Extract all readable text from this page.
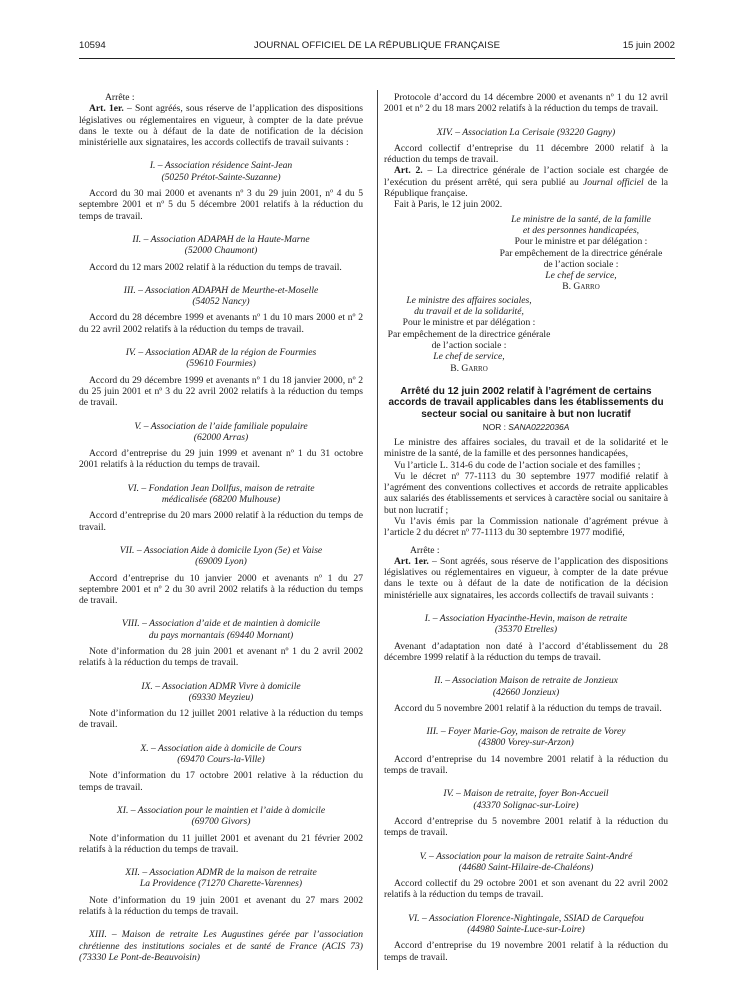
10594	JOURNAL OFFICIEL DE LA RÉPUBLIQUE FRANÇAISE	15 juin 2002

Arrête :

Art. 1er. – Sont agréés, sous réserve de l’application des dispositions législatives ou réglementaires en vigueur, à compter de la date prévue dans le texte ou à défaut de la date de notification de la décision ministérielle aux signataires, les accords collectifs de travail suivants :

I. – Association résidence Saint-Jean
(50250 Prétot-Sainte-Suzanne)

Accord du 30 mai 2000 et avenants nº 3 du 29 juin 2001, nº 4 du 5 septembre 2001 et nº 5 du 5 décembre 2001 relatifs à la réduction du temps de travail.

II. – Association ADAPAH de la Haute-Marne
(52000 Chaumont)

Accord du 12 mars 2002 relatif à la réduction du temps de travail.

III. – Association ADAPAH de Meurthe-et-Moselle
(54052 Nancy)

Accord du 28 décembre 1999 et avenants nº 1 du 10 mars 2000 et nº 2 du 22 avril 2002 relatifs à la réduction du temps de travail.

IV. – Association ADAR de la région de Fourmies
(59610 Fourmies)

Accord du 29 décembre 1999 et avenants nº 1 du 18 janvier 2000, nº 2 du 25 juin 2001 et nº 3 du 22 avril 2002 relatifs à la réduction du temps de travail.

V. – Association de l’aide familiale populaire
(62000 Arras)

Accord d’entreprise du 29 juin 1999 et avenant nº 1 du 31 octobre 2001 relatifs à la réduction du temps de travail.

VI. – Fondation Jean Dollfus, maison de retraite
médicalisée (68200 Mulhouse)

Accord d’entreprise du 20 mars 2000 relatif à la réduction du temps de travail.

VII. – Association Aide à domicile Lyon (5e) et Vaise
(69009 Lyon)

Accord d’entreprise du 10 janvier 2000 et avenants nº 1 du 27 septembre 2001 et nº 2 du 30 avril 2002 relatifs à la réduction du temps de travail.

VIII. – Association d’aide et de maintien à domicile
du pays mornantais (69440 Mornant)

Note d’information du 28 juin 2001 et avenant nº 1 du 2 avril 2002 relatifs à la réduction du temps de travail.

IX. – Association ADMR Vivre à domicile
(69330 Meyzieu)

Note d’information du 12 juillet 2001 relative à la réduction du temps de travail.

X. – Association aide à domicile de Cours
(69470 Cours-la-Ville)

Note d’information du 17 octobre 2001 relative à la réduction du temps de travail.

XI. – Association pour le maintien et l’aide à domicile
(69700 Givors)

Note d’information du 11 juillet 2001 et avenant du 21 février 2002 relatifs à la réduction du temps de travail.

XII. – Association ADMR de la maison de retraite
La Providence (71270 Charette-Varennes)

Note d’information du 19 juin 2001 et avenant du 27 mars 2002 relatifs à la réduction du temps de travail.

XIII. – Maison de retraite Les Augustines gérée par l’association chrétienne des institutions sociales et de santé de France (ACIS 73) (73330 Le Pont-de-Beauvoisin)

Protocole d’accord du 14 décembre 2000 et avenants nº 1 du 12 avril 2001 et nº 2 du 18 mars 2002 relatifs à la réduction du temps de travail.

XIV. – Association La Cerisaie (93220 Gagny)

Accord collectif d’entreprise du 11 décembre 2000 relatif à la réduction du temps de travail.

Art. 2. – La directrice générale de l’action sociale est chargée de l’exécution du présent arrêté, qui sera publié au Journal officiel de la République française.

Fait à Paris, le 12 juin 2002.

Le ministre de la santé, de la famille
et des personnes handicapées,
Pour le ministre et par délégation :
Par empêchement de la directrice générale
de l’action sociale :
Le chef de service,
B. Garro
Le ministre des affaires sociales,
du travail et de la solidarité,
Pour le ministre et par délégation :
Par empêchement de la directrice générale
de l’action sociale :
Le chef de service,
B. Garro
Arrêté du 12 juin 2002 relatif à l’agrément de certains accords de travail applicables dans les établissements du secteur social ou sanitaire à but non lucratif
NOR : SANA0222036A

Le ministre des affaires sociales, du travail et de la solidarité et le ministre de la santé, de la famille et des personnes handicapées,

Vu l’article L. 314-6 du code de l’action sociale et des familles ;

Vu le décret nº 77-1113 du 30 septembre 1977 modifié relatif à l’agrément des conventions collectives et accords de retraite applicables aux salariés des établissements et services à caractère social ou sanitaire à but non lucratif ;

Vu l’avis émis par la Commission nationale d’agrément prévue à l’article 2 du décret nº 77-1113 du 30 septembre 1977 modifié,

Arrête :

Art. 1er. – Sont agréés, sous réserve de l’application des dispositions législatives ou réglementaires en vigueur, à compter de la date prévue dans le texte ou à défaut de la date de notification de la décision ministérielle aux signataires, les accords collectifs de travail suivants :

I. – Association Hyacinthe-Hevin, maison de retraite
(35370 Etrelles)

Avenant d’adaptation non daté à l’accord d’établissement du 28 décembre 1999 relatif à la réduction du temps de travail.

II. – Association Maison de retraite de Jonzieux
(42660 Jonzieux)

Accord du 5 novembre 2001 relatif à la réduction du temps de travail.

III. – Foyer Marie-Goy, maison de retraite de Vorey
(43800 Vorey-sur-Arzon)

Accord d’entreprise du 14 novembre 2001 relatif à la réduction du temps de travail.

IV. – Maison de retraite, foyer Bon-Accueil
(43370 Solignac-sur-Loire)

Accord d’entreprise du 5 novembre 2001 relatif à la réduction du temps de travail.

V. – Association pour la maison de retraite Saint-André
(44680 Saint-Hilaire-de-Chaléons)

Accord collectif du 29 octobre 2001 et son avenant du 22 avril 2002 relatifs à la réduction du temps de travail.

VI. – Association Florence-Nightingale, SSIAD de Carquefou
(44980 Sainte-Luce-sur-Loire)

Accord d’entreprise du 19 novembre 2001 relatif à la réduction du temps de travail.
